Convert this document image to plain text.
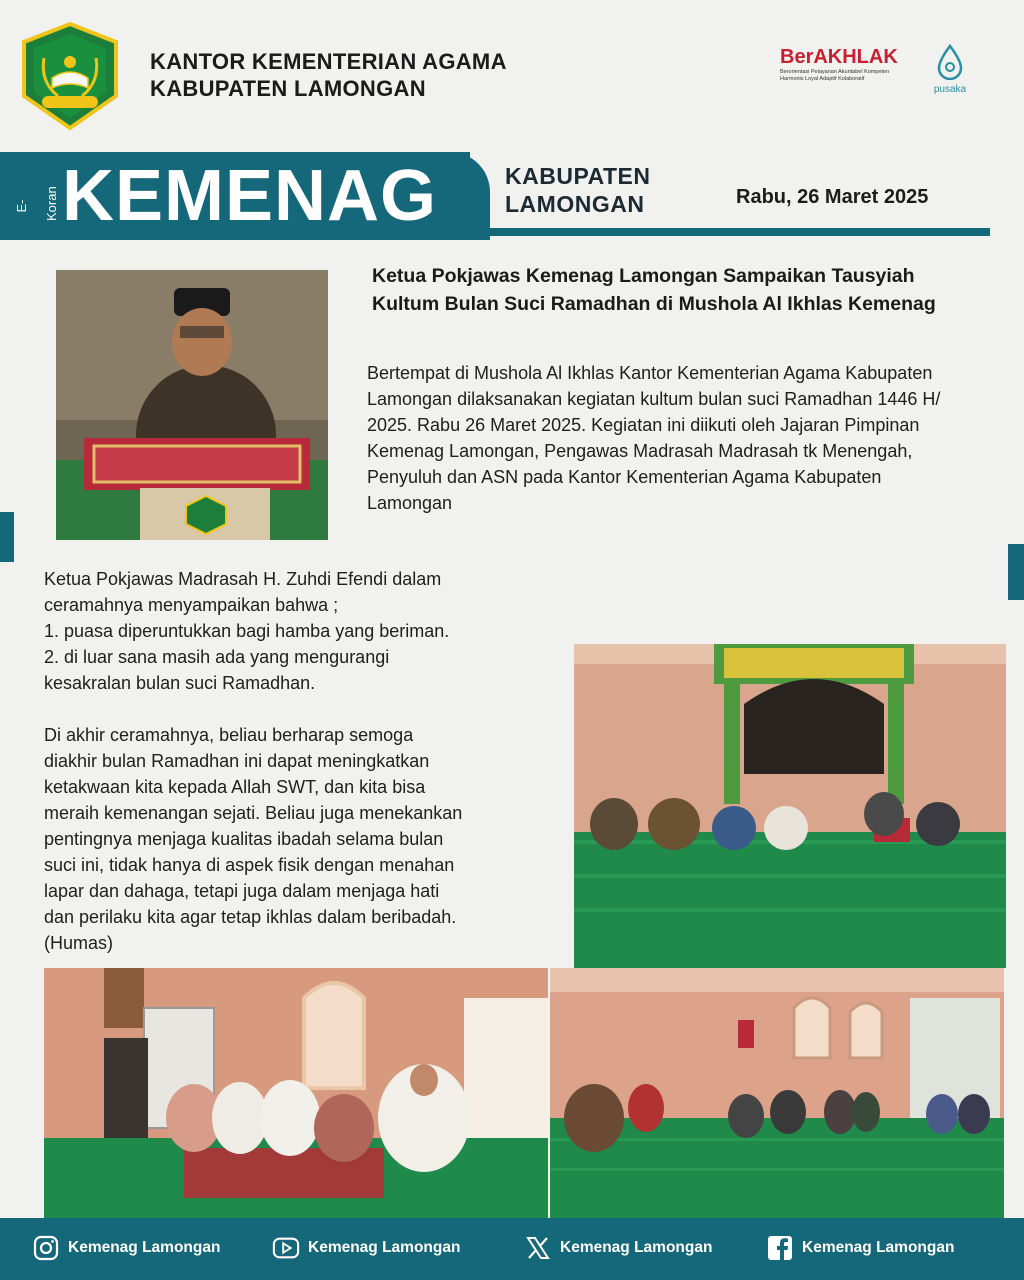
KANTOR KEMENTERIAN AGAMA
KABUPATEN LAMONGAN
BerAKHLAK
Berorientasi Pelayanan Akuntabel Kompeten Harmonis Loyal Adaptif Kolaboratif
pusaka
E-Koran KEMENAG	KABUPATEN
LAMONGAN	Rabu, 26 Maret 2025
Ketua Pokjawas Kemenag Lamongan Sampaikan Tausyiah Kultum Bulan Suci Ramadhan di Mushola Al Ikhlas Kemenag
Bertempat di Mushola Al Ikhlas Kantor Kementerian Agama Kabupaten Lamongan dilaksanakan kegiatan kultum bulan suci Ramadhan 1446 H/ 2025. Rabu 26 Maret 2025. Kegiatan ini diikuti oleh Jajaran Pimpinan Kemenag Lamongan, Pengawas Madrasah Madrasah tk Menengah, Penyuluh dan ASN pada Kantor Kementerian Agama Kabupaten Lamongan

Ketua Pokjawas Madrasah H. Zuhdi Efendi dalam

ceramahnya menyampaikan bahwa ;

1. puasa diperuntukkan bagi hamba yang beriman.

2. di luar sana masih ada yang mengurangi

kesakralan bulan suci Ramadhan.

Di akhir ceramahnya, beliau berharap semoga

diakhir bulan Ramadhan ini dapat meningkatkan

ketakwaan kita kepada Allah SWT, dan kita bisa

meraih kemenangan sejati. Beliau juga menekankan

pentingnya menjaga kualitas ibadah selama bulan

suci ini, tidak hanya di aspek fisik dengan menahan

lapar dan dahaga, tetapi juga dalam menjaga hati

dan perilaku kita agar tetap ikhlas dalam beribadah.

(Humas)

Kemenag Lamongan	Kemenag Lamongan	Kemenag Lamongan	Kemenag Lamongan
